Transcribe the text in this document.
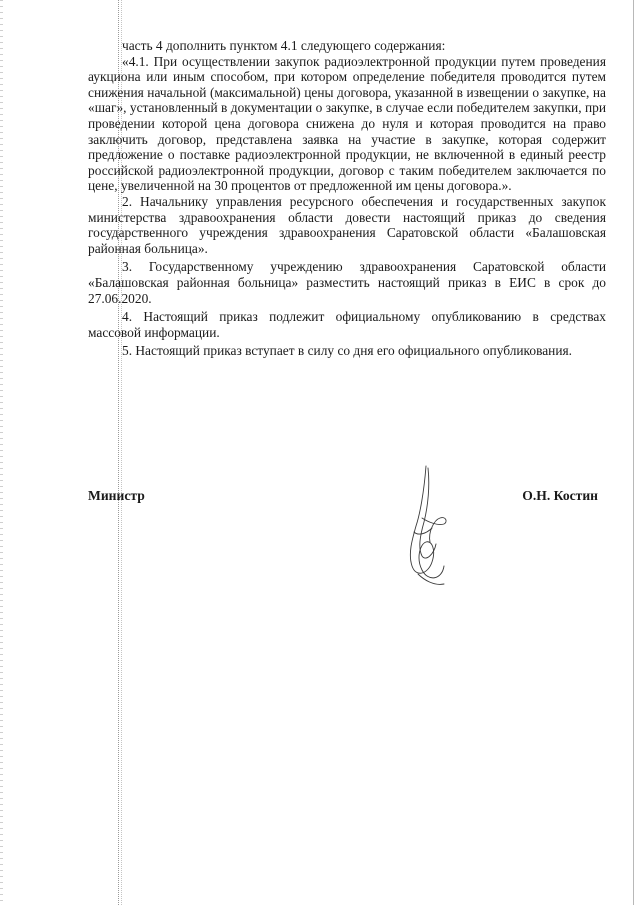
часть 4 дополнить пунктом 4.1 следующего содержания:

«4.1. При осуществлении закупок радиоэлектронной продукции путем проведения аукциона или иным способом, при котором определение победителя проводится путем снижения начальной (максимальной) цены договора, указанной в извещении о закупке, на «шаг», установленный в документации о закупке, в случае если победителем закупки, при проведении которой цена договора снижена до нуля и которая проводится на право заключить договор, представлена заявка на участие в закупке, которая содержит предложение о поставке радиоэлектронной продукции, не включенной в единый реестр российской радиоэлектронной продукции, договор с таким победителем заключается по цене, увеличенной на 30 процентов от предложенной им цены договора.».

2. Начальнику управления ресурсного обеспечения и государственных закупок министерства здравоохранения области довести настоящий приказ до сведения государственного учреждения здравоохранения Саратовской области «Балашовская районная больница».

3. Государственному учреждению здравоохранения Саратовской области «Балашовская районная больница» разместить настоящий приказ в ЕИС в срок до 27.06.2020.

4. Настоящий приказ подлежит официальному опубликованию в средствах массовой информации.

5. Настоящий приказ вступает в силу со дня его официального опубликования.

Министр	О.Н. Костин
